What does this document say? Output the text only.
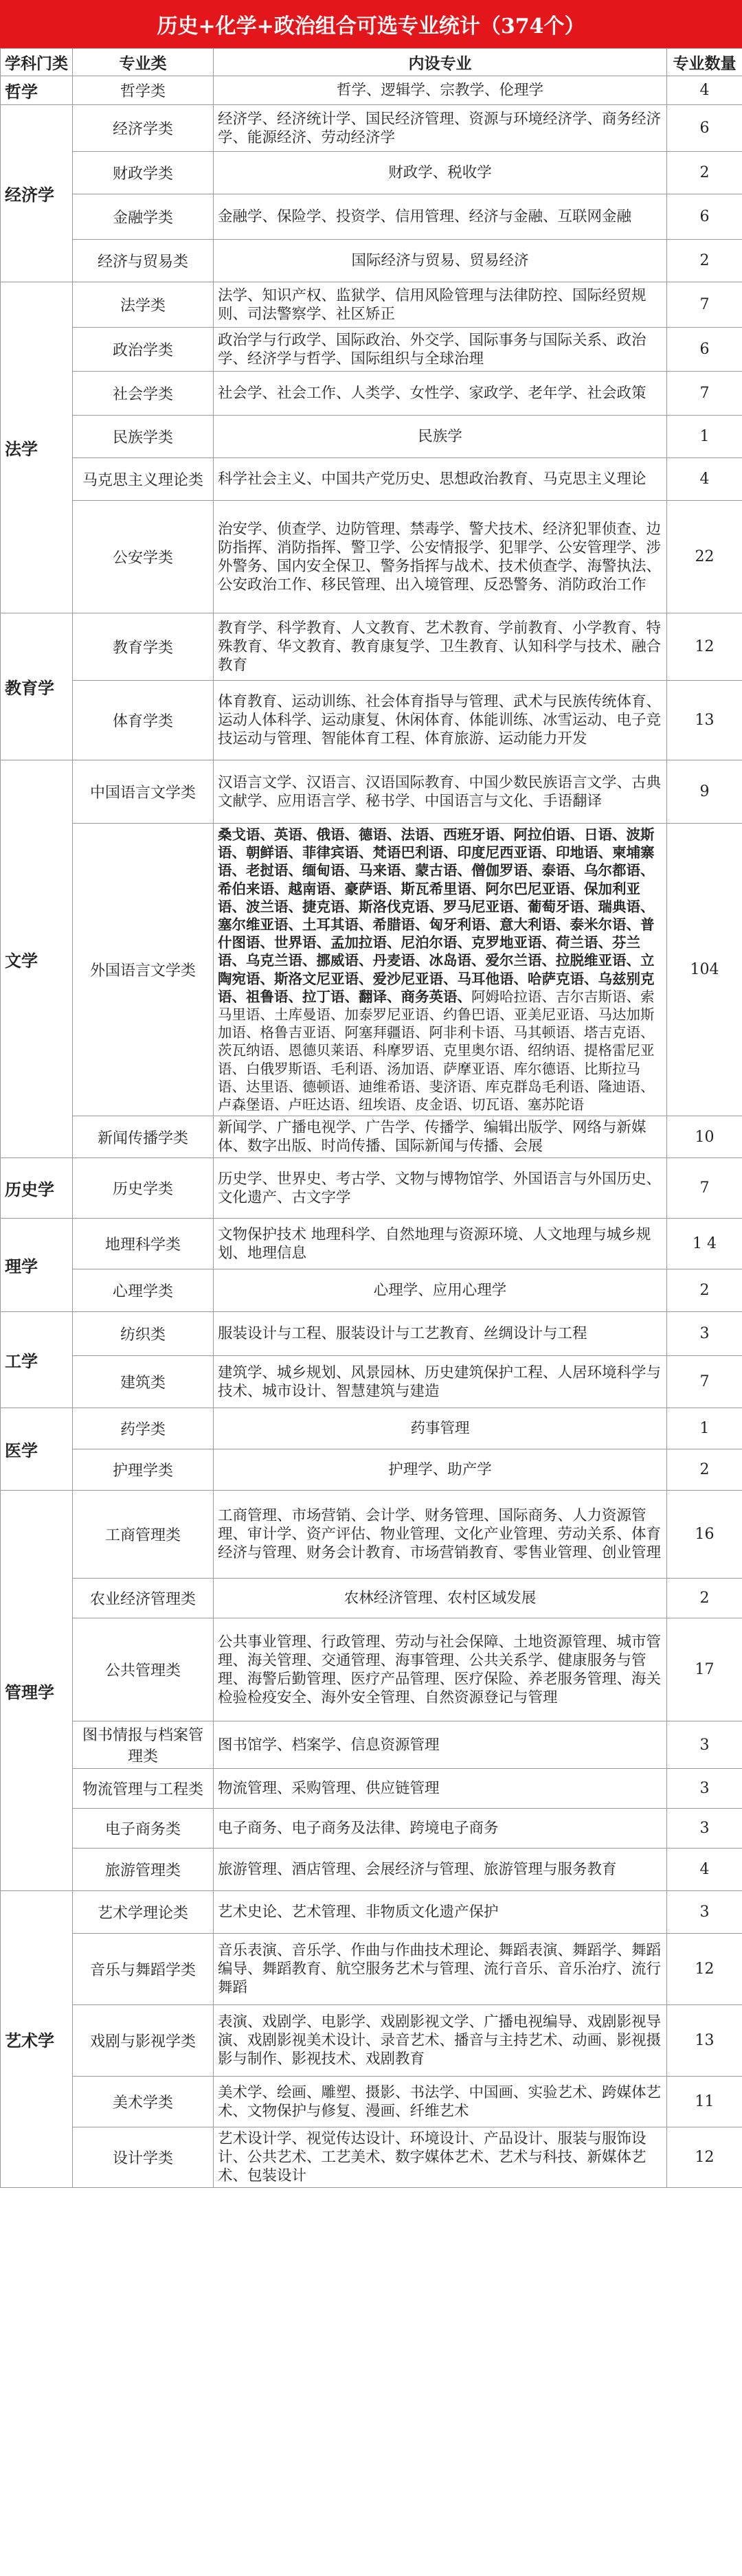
历史+化学+政治组合可选专业统计（374个）
学科门类	专业类	内设专业	专业数量
哲学	哲学类	哲学、逻辑学、宗教学、伦理学	4
经济学	经济学类	经济学、经济统计学、国民经济管理、资源与环境经济学、商务经济学、能源经济、劳动经济学	6
	财政学类	财政学、税收学	2
	金融学类	金融学、保险学、投资学、信用管理、经济与金融、互联网金融	6
	经济与贸易类	国际经济与贸易、贸易经济	2
法学	法学类	法学、知识产权、监狱学、信用风险管理与法律防控、国际经贸规则、司法警察学、社区矫正	7
	政治学类	政治学与行政学、国际政治、外交学、国际事务与国际关系、政治学、经济学与哲学、国际组织与全球治理	6
	社会学类	社会学、社会工作、人类学、女性学、家政学、老年学、社会政策	7
	民族学类	民族学	1
	马克思主义理论类	科学社会主义、中国共产党历史、思想政治教育、马克思主义理论	4
	公安学类	治安学、侦查学、边防管理、禁毒学、警犬技术、经济犯罪侦查、边防指挥、消防指挥、警卫学、公安情报学、犯罪学、公安管理学、涉外警务、国内安全保卫、警务指挥与战术、技术侦查学、海警执法、公安政治工作、移民管理、出入境管理、反恐警务、消防政治工作	22
教育学	教育学类	教育学、科学教育、人文教育、艺术教育、学前教育、小学教育、特殊教育、华文教育、教育康复学、卫生教育、认知科学与技术、融合教育	12
	体育学类	体育教育、运动训练、社会体育指导与管理、武术与民族传统体育、运动人体科学、运动康复、休闲体育、体能训练、冰雪运动、电子竞技运动与管理、智能体育工程、体育旅游、运动能力开发	13
文学	中国语言文学类	汉语言文学、汉语言、汉语国际教育、中国少数民族语言文学、古典文献学、应用语言学、秘书学、中国语言与文化、手语翻译	9
	外国语言文学类	桑戈语、英语、俄语、德语、法语、西班牙语、阿拉伯语、日语、波斯语、朝鲜语、菲律宾语、梵语巴利语、印度尼西亚语、印地语、柬埔寨语、老挝语、缅甸语、马来语、蒙古语、僧伽罗语、泰语、乌尔都语、希伯来语、越南语、豪萨语、斯瓦希里语、阿尔巴尼亚语、保加利亚语、波兰语、捷克语、斯洛伐克语、罗马尼亚语、葡萄牙语、瑞典语、塞尔维亚语、土耳其语、希腊语、匈牙利语、意大利语、泰米尔语、普什图语、世界语、孟加拉语、尼泊尔语、克罗地亚语、荷兰语、芬兰语、乌克兰语、挪威语、丹麦语、冰岛语、爱尔兰语、拉脱维亚语、立陶宛语、斯洛文尼亚语、爱沙尼亚语、马耳他语、哈萨克语、乌兹别克语、祖鲁语、拉丁语、翻译、商务英语、阿姆哈拉语、吉尔吉斯语、索马里语、土库曼语、加泰罗尼亚语、约鲁巴语、亚美尼亚语、马达加斯加语、格鲁吉亚语、阿塞拜疆语、阿非利卡语、马其顿语、塔吉克语、茨瓦纳语、恩德贝莱语、科摩罗语、克里奥尔语、绍纳语、提格雷尼亚语、白俄罗斯语、毛利语、汤加语、萨摩亚语、库尔德语、比斯拉马语、达里语、德顿语、迪维希语、斐济语、库克群岛毛利语、隆迪语、卢森堡语、卢旺达语、纽埃语、皮金语、切瓦语、塞苏陀语	104
	新闻传播学类	新闻学、广播电视学、广告学、传播学、编辑出版学、网络与新媒体、数字出版、时尚传播、国际新闻与传播、会展	10
历史学	历史学类	历史学、世界史、考古学、文物与博物馆学、外国语言与外国历史、文化遗产、古文字学	7
理学	地理科学类	文物保护技术 地理科学、自然地理与资源环境、人文地理与城乡规划、地理信息	1 4
	心理学类	心理学、应用心理学	2
工学	纺织类	服装设计与工程、服装设计与工艺教育、丝绸设计与工程	3
	建筑类	建筑学、城乡规划、风景园林、历史建筑保护工程、人居环境科学与技术、城市设计、智慧建筑与建造	7
医学	药学类	药事管理	1
	护理学类	护理学、助产学	2
管理学	工商管理类	工商管理、市场营销、会计学、财务管理、国际商务、人力资源管理、审计学、资产评估、物业管理、文化产业管理、劳动关系、体育经济与管理、财务会计教育、市场营销教育、零售业管理、创业管理	16
	农业经济管理类	农林经济管理、农村区域发展	2
	公共管理类	公共事业管理、行政管理、劳动与社会保障、土地资源管理、城市管理、海关管理、交通管理、海事管理、公共关系学、健康服务与管理、海警后勤管理、医疗产品管理、医疗保险、养老服务管理、海关检验检疫安全、海外安全管理、自然资源登记与管理	17
	图书情报与档案管理类	图书馆学、档案学、信息资源管理	3
	物流管理与工程类	物流管理、采购管理、供应链管理	3
	电子商务类	电子商务、电子商务及法律、跨境电子商务	3
	旅游管理类	旅游管理、酒店管理、会展经济与管理、旅游管理与服务教育	4
艺术学	艺术学理论类	艺术史论、艺术管理、非物质文化遗产保护	3
	音乐与舞蹈学类	音乐表演、音乐学、作曲与作曲技术理论、舞蹈表演、舞蹈学、舞蹈编导、舞蹈教育、航空服务艺术与管理、流行音乐、音乐治疗、流行舞蹈	12
	戏剧与影视学类	表演、戏剧学、电影学、戏剧影视文学、广播电视编导、戏剧影视导演、戏剧影视美术设计、录音艺术、播音与主持艺术、动画、影视摄影与制作、影视技术、戏剧教育	13
	美术学类	美术学、绘画、雕塑、摄影、书法学、中国画、实验艺术、跨媒体艺术、文物保护与修复、漫画、纤维艺术	11
	设计学类	艺术设计学、视觉传达设计、环境设计、产品设计、服装与服饰设计、公共艺术、工艺美术、数字媒体艺术、艺术与科技、新媒体艺术、包装设计	12
